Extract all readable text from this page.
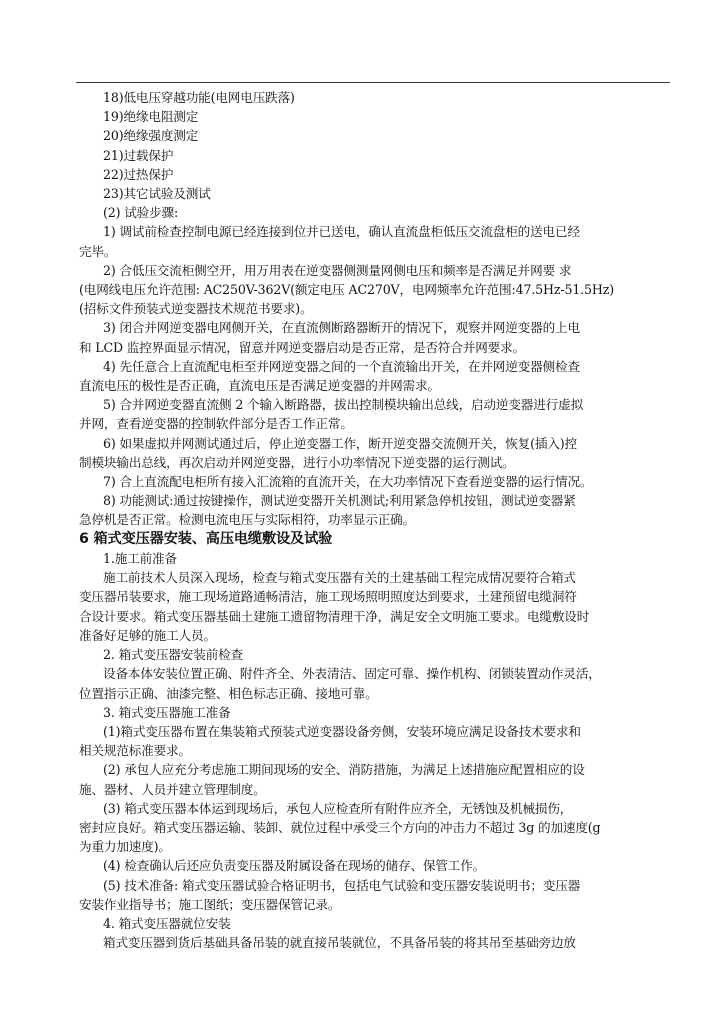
18)低电压穿越功能(电网电压跌落)

19)绝缘电阻测定

20)绝缘强度测定

21)过载保护

22)过热保护

23)其它试验及测试

(2) 试验步骤:

1) 调试前检查控制电源已经连接到位并已送电，确认直流盘柜低压交流盘柜的送电已经

完毕。

2) 合低压交流柜侧空开，用万用表在逆变器侧测量网侧电压和频率是否满足并网要 求

(电网线电压允许范围: AC250V-362V(额定电压 AC270V，电网频率允许范围:47.5Hz-51.5Hz)

(招标文件预装式逆变器技术规范书要求)。

3) 闭合并网逆变器电网侧开关，在直流侧断路器断开的情况下，观察并网逆变器的上电

和 LCD 监控界面显示情况，留意并网逆变器启动是否正常，是否符合并网要求。

4) 先任意合上直流配电柜至并网逆变器之间的一个直流输出开关，在并网逆变器侧检查

直流电压的极性是否正确，直流电压是否满足逆变器的并网需求。

5) 合并网逆变器直流侧 2 个输入断路器，拔出控制模块输出总线，启动逆变器进行虚拟

并网，查看逆变器的控制软件部分是否工作正常。

6) 如果虚拟并网测试通过后，停止逆变器工作，断开逆变器交流侧开关，恢复(插入)控

制模块输出总线，再次启动并网逆变器，进行小功率情况下逆变器的运行测试。

7) 合上直流配电柜所有接入汇流箱的直流开关，在大功率情况下查看逆变器的运行情况。

8) 功能测试:通过按键操作，测试逆变器开关机测试;利用紧急停机按钮，测试逆变器紧

急停机是否正常。检测电流电压与实际相符，功率显示正确。

6 箱式变压器安装、高压电缆敷设及试验

1.施工前准备

施工前技术人员深入现场，检查与箱式变压器有关的土建基础工程完成情况要符合箱式

变压器吊装要求，施工现场道路通畅清洁，施工现场照明照度达到要求，土建预留电缆洞符

合设计要求。箱式变压器基础土建施工遗留物清理干净，满足安全文明施工要求。电缆敷设时

准备好足够的施工人员。

2. 箱式变压器安装前检查

设备本体安装位置正确、附件齐全、外表清洁、固定可靠、操作机构、闭锁装置动作灵活，

位置指示正确、油漆完整、相色标志正确、接地可靠。

3. 箱式变压器施工准备

(1)箱式变压器布置在集装箱式预装式逆变器设备旁侧，安装环境应满足设备技术要求和

相关规范标准要求。

(2) 承包人应充分考虑施工期间现场的安全、消防措施，为满足上述措施应配置相应的设

施、器材、人员并建立管理制度。

(3) 箱式变压器本体运到现场后，承包人应检查所有附件应齐全，无锈蚀及机械损伤，

密封应良好。箱式变压器运输、装卸、就位过程中承受三个方向的冲击力不超过 3g 的加速度(g

为重力加速度)。

(4) 检查确认后还应负责变压器及附属设备在现场的储存、保管工作。

(5) 技术准备: 箱式变压器试验合格证明书，包括电气试验和变压器安装说明书；变压器

安装作业指导书；施工图纸；变压器保管记录。

4. 箱式变压器就位安装

箱式变压器到货后基础具备吊装的就直接吊装就位，不具备吊装的将其吊至基础旁边放
